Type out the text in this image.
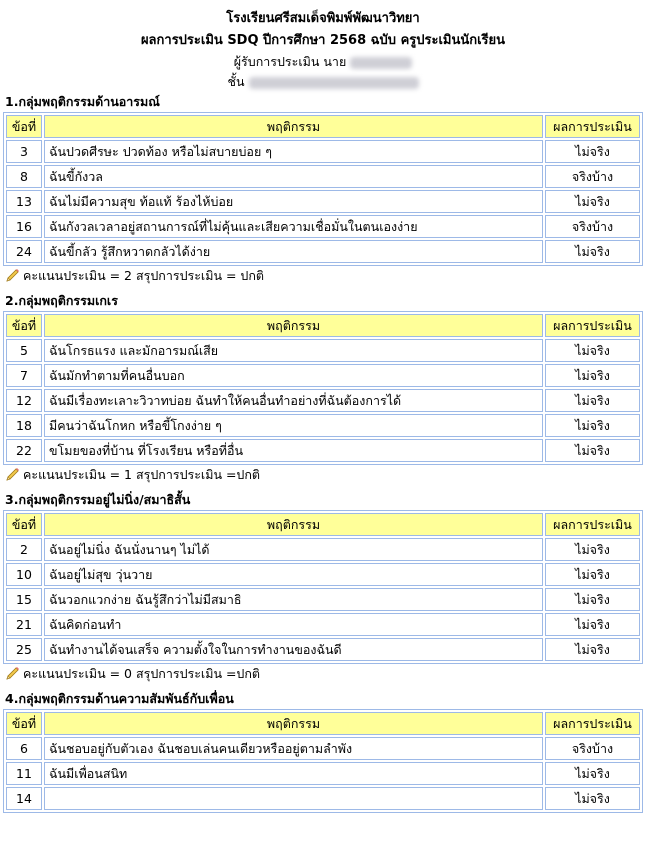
โรงเรียนศรีสมเด็จพิมพ์พัฒนาวิทยา
ผลการประเมิน SDQ ปีการศึกษา 2568 ฉบับ ครูประเมินนักเรียน
ผู้รับการประเมิน นาย
ชั้น
1.กลุ่มพฤติกรรมด้านอารมณ์
ข้อที่	พฤติกรรม	ผลการประเมิน
3	ฉันปวดศีรษะ ปวดท้อง หรือไม่สบายบ่อย ๆ	ไม่จริง
8	ฉันขี้กังวล	จริงบ้าง
13	ฉันไม่มีความสุข ท้อแท้ ร้องไห้บ่อย	ไม่จริง
16	ฉันกังวลเวลาอยู่สถานการณ์ที่ไม่คุ้นและเสียความเชื่อมั่นในตนเองง่าย	จริงบ้าง
24	ฉันขี้กลัว รู้สึกหวาดกลัวได้ง่าย	ไม่จริง
คะแนนประเมิน = 2 สรุปการประเมิน = ปกติ
2.กลุ่มพฤติกรรมเกเร
ข้อที่	พฤติกรรม	ผลการประเมิน
5	ฉันโกรธแรง และมักอารมณ์เสีย	ไม่จริง
7	ฉันมักทำตามที่คนอื่นบอก	ไม่จริง
12	ฉันมีเรื่องทะเลาะวิวาทบ่อย ฉันทำให้คนอื่นทำอย่างที่ฉันต้องการได้	ไม่จริง
18	มีคนว่าฉันโกหก หรือขี้โกงง่าย ๆ	ไม่จริง
22	ขโมยของที่บ้าน ที่โรงเรียน หรือที่อื่น	ไม่จริง
คะแนนประเมิน = 1 สรุปการประเมิน =ปกติ
3.กลุ่มพฤติกรรมอยู่ไม่นิ่ง/สมาธิสั้น
ข้อที่	พฤติกรรม	ผลการประเมิน
2	ฉันอยู่ไม่นิ่ง ฉันนั่งนานๆ ไม่ได้	ไม่จริง
10	ฉันอยู่ไม่สุข วุ่นวาย	ไม่จริง
15	ฉันวอกแวกง่าย ฉันรู้สึกว่าไม่มีสมาธิ	ไม่จริง
21	ฉันคิดก่อนทำ	ไม่จริง
25	ฉันทำงานได้จนเสร็จ ความตั้งใจในการทำงานของฉันดี	ไม่จริง
คะแนนประเมิน = 0 สรุปการประเมิน =ปกติ
4.กลุ่มพฤติกรรมด้านความสัมพันธ์กับเพื่อน
ข้อที่	พฤติกรรม	ผลการประเมิน
6	ฉันชอบอยู่กับตัวเอง ฉันชอบเล่นคนเดียวหรืออยู่ตามลำพัง	จริงบ้าง
11	ฉันมีเพื่อนสนิท	ไม่จริง
14		ไม่จริง
